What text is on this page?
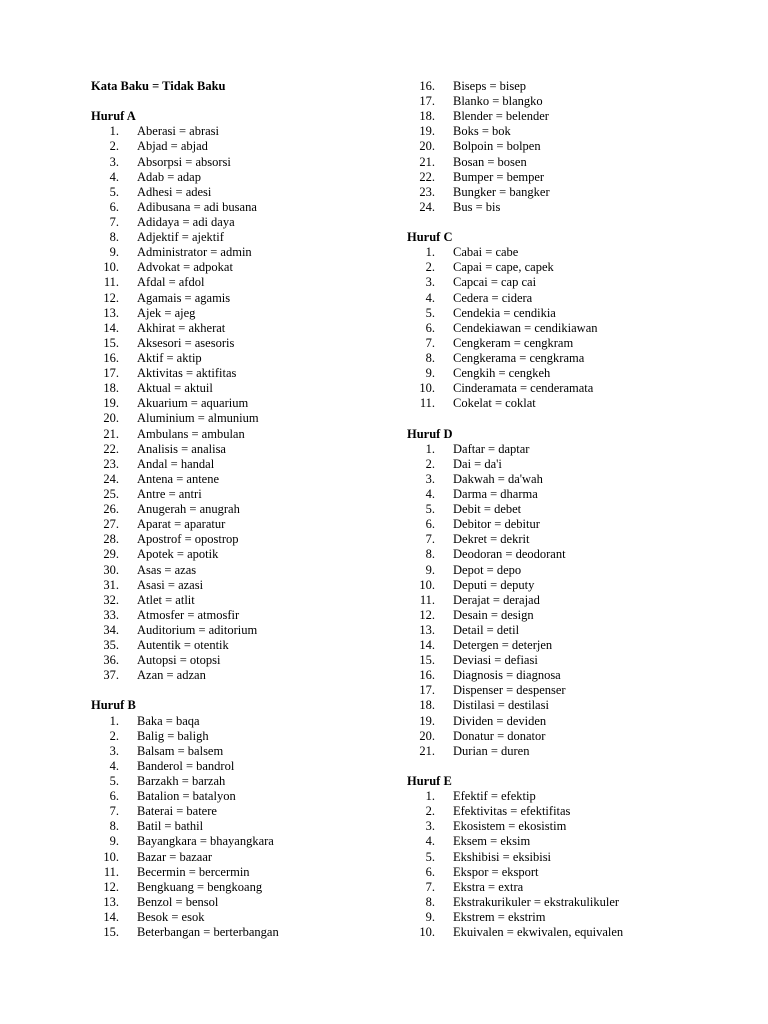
Kata Baku = Tidak Baku
Huruf A
1.	Aberasi = abrasi
2.	Abjad = abjad
3.	Absorpsi = absorsi
4.	Adab = adap
5.	Adhesi = adesi
6.	Adibusana = adi busana
7.	Adidaya = adi daya
8.	Adjektif = ajektif
9.	Administrator = admin
10.	Advokat = adpokat
11.	Afdal = afdol
12.	Agamais = agamis
13.	Ajek = ajeg
14.	Akhirat = akherat
15.	Aksesori = asesoris
16.	Aktif = aktip
17.	Aktivitas = aktifitas
18.	Aktual = aktuil
19.	Akuarium = aquarium
20.	Aluminium = almunium
21.	Ambulans = ambulan
22.	Analisis = analisa
23.	Andal = handal
24.	Antena = antene
25.	Antre = antri
26.	Anugerah = anugrah
27.	Aparat = aparatur
28.	Apostrof = opostrop
29.	Apotek = apotik
30.	Asas = azas
31.	Asasi = azasi
32.	Atlet = atlit
33.	Atmosfer = atmosfir
34.	Auditorium = aditorium
35.	Autentik = otentik
36.	Autopsi = otopsi
37.	Azan = adzan
Huruf B
1.	Baka = baqa
2.	Balig = baligh
3.	Balsam = balsem
4.	Banderol = bandrol
5.	Barzakh = barzah
6.	Batalion = batalyon
7.	Baterai = batere
8.	Batil = bathil
9.	Bayangkara = bhayangkara
10.	Bazar = bazaar
11.	Becermin = bercermin
12.	Bengkuang = bengkoang
13.	Benzol = bensol
14.	Besok = esok
15.	Beterbangan = berterbangan
16.	Biseps = bisep
17.	Blanko = blangko
18.	Blender = belender
19.	Boks = bok
20.	Bolpoin = bolpen
21.	Bosan = bosen
22.	Bumper = bemper
23.	Bungker = bangker
24.	Bus = bis
Huruf C
1.	Cabai = cabe
2.	Capai = cape, capek
3.	Capcai = cap cai
4.	Cedera = cidera
5.	Cendekia = cendikia
6.	Cendekiawan = cendikiawan
7.	Cengkeram = cengkram
8.	Cengkerama = cengkrama
9.	Cengkih = cengkeh
10.	Cinderamata = cenderamata
11.	Cokelat = coklat
Huruf D
1.	Daftar = daptar
2.	Dai = da'i
3.	Dakwah = da'wah
4.	Darma = dharma
5.	Debit = debet
6.	Debitor = debitur
7.	Dekret = dekrit
8.	Deodoran = deodorant
9.	Depot = depo
10.	Deputi = deputy
11.	Derajat = derajad
12.	Desain = design
13.	Detail = detil
14.	Detergen = deterjen
15.	Deviasi = defiasi
16.	Diagnosis = diagnosa
17.	Dispenser = despenser
18.	Distilasi = destilasi
19.	Dividen = deviden
20.	Donatur = donator
21.	Durian = duren
Huruf E
1.	Efektif = efektip
2.	Efektivitas = efektifitas
3.	Ekosistem = ekosistim
4.	Eksem = eksim
5.	Ekshibisi = eksibisi
6.	Ekspor = eksport
7.	Ekstra = extra
8.	Ekstrakurikuler = ekstrakulikuler
9.	Ekstrem = ekstrim
10.	Ekuivalen = ekwivalen, equivalen
